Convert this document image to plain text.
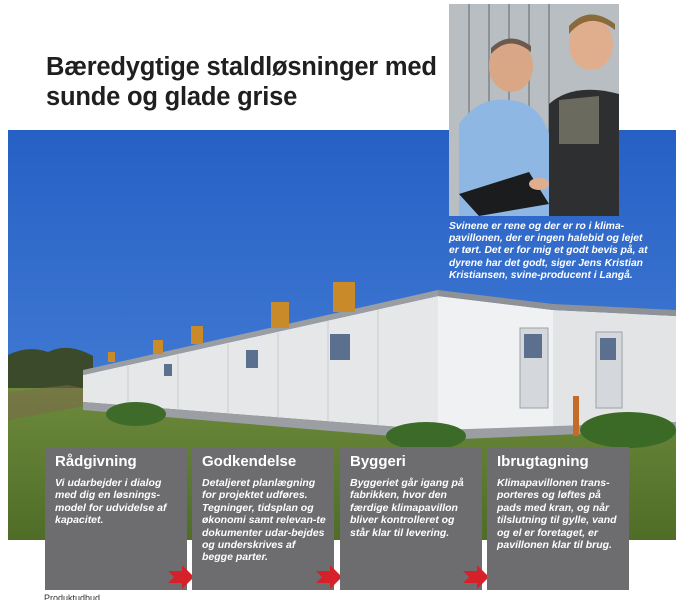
Bæredygtige staldløsninger med sunde og glade grise

Svinene er rene og der er ro i klima-pavillonen, der er ingen halebid og lejet er tørt. Det er for mig et godt bevis på, at dyrene har det godt, siger Jens Kristian Kristiansen, svine-producent i Langå.

Rådgivning

Vi udarbejder i dialog med dig en løsnings-model for udvidelse af kapacitet.

Godkendelse

Detaljeret planlægning for projektet udføres. Tegninger, tidsplan og økonomi samt relevan-te dokumenter udar-bejdes og underskrives af begge parter.

Byggeri

Byggeriet går igang på fabrikken, hvor den færdige klimapavillon bliver kontrolleret og står klar til levering.

Ibrugtagning

Klimapavillonen trans-porteres og løftes på pads med kran, og når tilslutning til gylle, vand og el er foretaget, er pavillonen klar til brug.

Produktudbud
